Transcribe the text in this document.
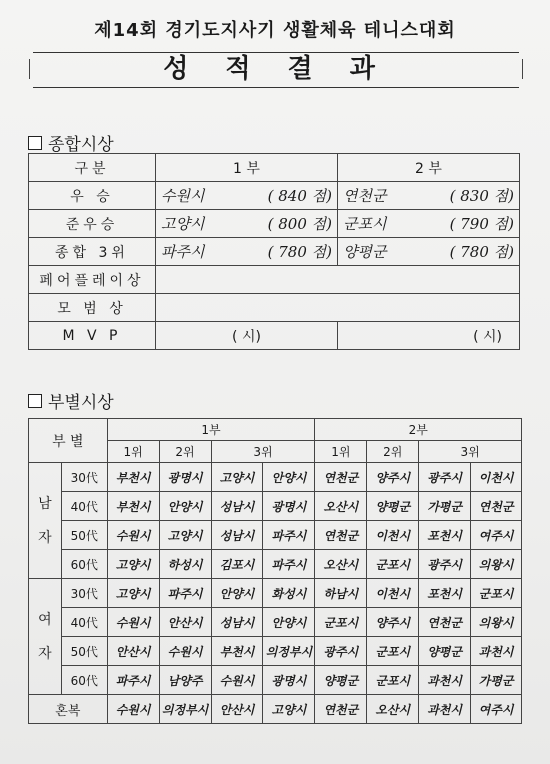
제14회 경기도지사기 생활체육 테니스대회
성 적 결 과
종합시상
구분	1 부	2 부
우 승	수원시 ( 840 점)	연천군 ( 830 점)

준우승	고양시 ( 800 점)	군포시 ( 790 점)

종합 3위	파주시 ( 780 점)	양평군 ( 780 점)

페어플레이상		
모 범 상		
M V P	( 시)	( 시)
부별시상
부 별		1부				2부			
		1위	2위	3위		1위	2위	3위	
남
자	30代	부천시	광명시	고양시	안양시	연천군	양주시	광주시	이천시
	40代	부천시	안양시	성남시	광명시	오산시	양평군	가평군	연천군
	50代	수원시	고양시	성남시	파주시	연천군	이천시	포천시	여주시
	60代	고양시	하성시	김포시	파주시	오산시	군포시	광주시	의왕시
여
자	30代	고양시	파주시	안양시	화성시	하남시	이천시	포천시	군포시
	40代	수원시	안산시	성남시	안양시	군포시	양주시	연천군	의왕시
	50代	안산시	수원시	부천시	의정부시	광주시	군포시	양평군	과천시
	60代	파주시	남양주	수원시	광명시	양평군	군포시	과천시	가평군
혼복		수원시	의정부시	안산시	고양시	연천군	오산시	과천시	여주시
